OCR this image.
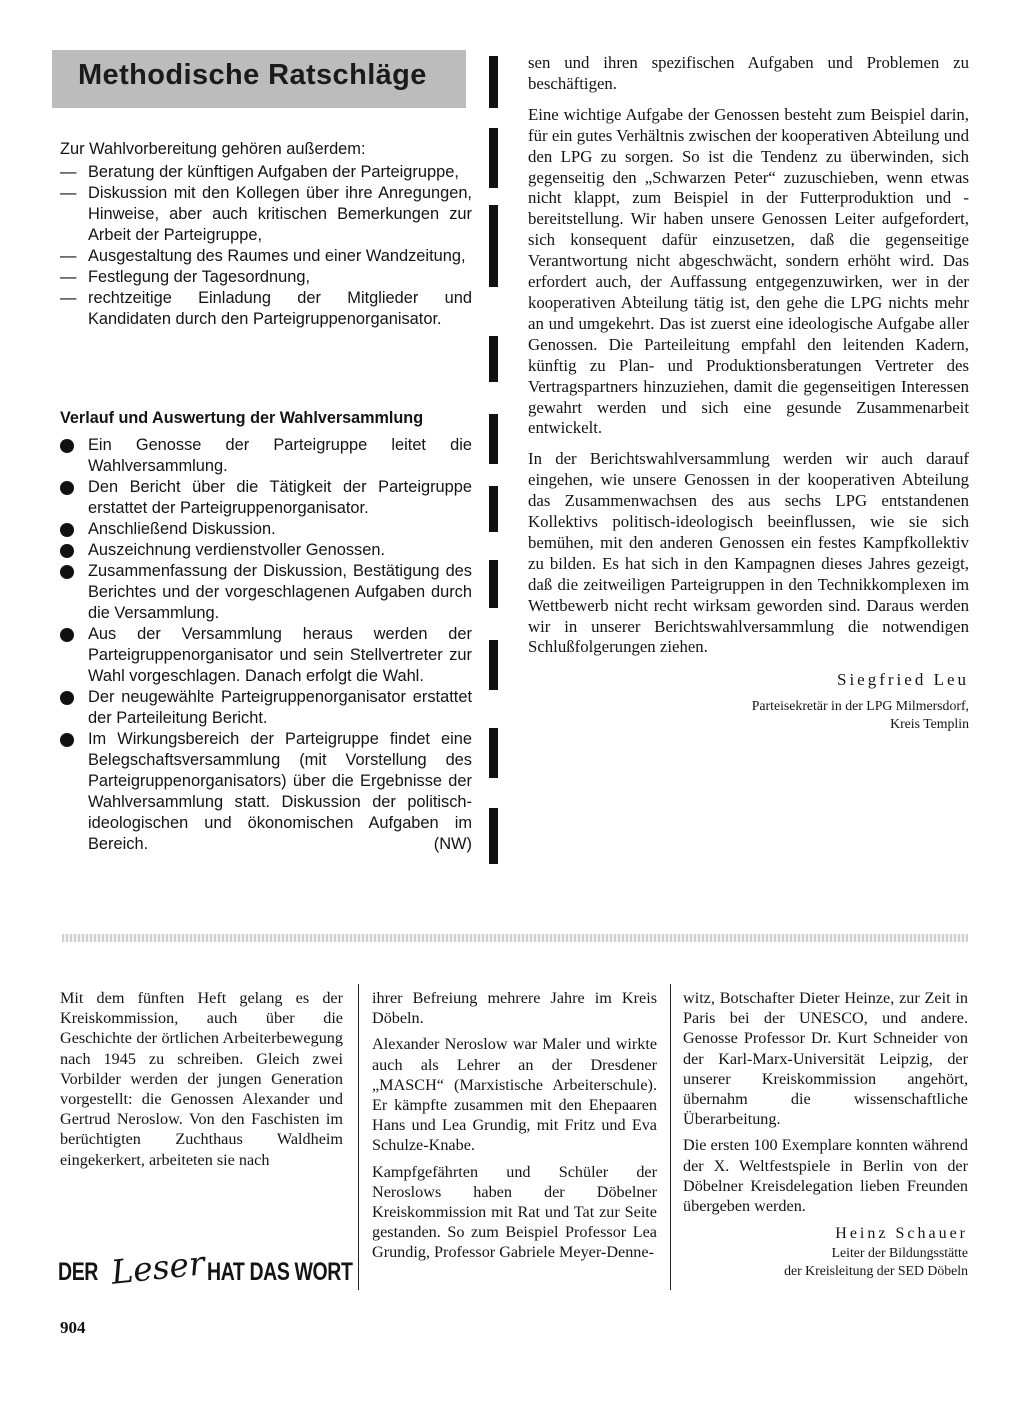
Methodische Ratschläge
Zur Wahlvorbereitung gehören außerdem:
— Beratung der künftigen Aufgaben der Parteigruppe,
— Diskussion mit den Kollegen über ihre Anregungen, Hinweise, aber auch kritischen Bemerkungen zur Arbeit der Parteigruppe,
— Ausgestaltung des Raumes und einer Wandzeitung,
— Festlegung der Tagesordnung,
— rechtzeitige Einladung der Mitglieder und Kandidaten durch den Parteigruppenorganisator.
Verlauf und Auswertung der Wahlversammlung
Ein Genosse der Parteigruppe leitet die Wahlversammlung.
Den Bericht über die Tätigkeit der Parteigruppe erstattet der Parteigruppenorganisator.
Anschließend Diskussion.
Auszeichnung verdienstvoller Genossen.
Zusammenfassung der Diskussion, Bestätigung des Berichtes und der vorgeschlagenen Aufgaben durch die Versammlung.
Aus der Versammlung heraus werden der Parteigruppenorganisator und sein Stellvertreter zur Wahl vorgeschlagen. Danach erfolgt die Wahl.
Der neugewählte Parteigruppenorganisator erstattet der Parteileitung Bericht.
Im Wirkungsbereich der Parteigruppe findet eine Belegschaftsversammlung (mit Vorstellung des Parteigruppenorganisators) über die Ergebnisse der Wahlversammlung statt. Diskussion der politisch-ideologischen und ökonomischen Aufgaben im Bereich.	(NW)

sen und ihren spezifischen Aufgaben und Problemen zu beschäftigen.

Eine wichtige Aufgabe der Genossen besteht zum Beispiel darin, für ein gutes Verhältnis zwischen der kooperativen Abteilung und den LPG zu sorgen. So ist die Tendenz zu überwinden, sich gegenseitig den „Schwarzen Peter“ zuzuschieben, wenn etwas nicht klappt, zum Beispiel in der Futterproduktion und -bereitstellung. Wir haben unsere Genossen Leiter aufgefordert, sich konsequent dafür einzusetzen, daß die gegenseitige Verantwortung nicht abgeschwächt, sondern erhöht wird. Das erfordert auch, der Auffassung entgegenzuwirken, wer in der kooperativen Abteilung tätig ist, den gehe die LPG nichts mehr an und umgekehrt. Das ist zuerst eine ideologische Aufgabe aller Genossen. Die Parteileitung empfahl den leitenden Kadern, künftig zu Plan- und Produktionsberatungen Vertreter des Vertragspartners hinzuziehen, damit die gegenseitigen Interessen gewahrt werden und sich eine gesunde Zusammenarbeit entwickelt.

In der Berichtswahlversammlung werden wir auch darauf eingehen, wie unsere Genossen in der kooperativen Abteilung das Zusammenwachsen des aus sechs LPG entstandenen Kollektivs politisch-ideologisch beeinflussen, wie sie sich bemühen, mit den anderen Genossen ein festes Kampfkollektiv zu bilden. Es hat sich in den Kampagnen dieses Jahres gezeigt, daß die zeitweiligen Parteigruppen in den Technikkomplexen im Wettbewerb nicht recht wirksam geworden sind. Daraus werden wir in unserer Berichtswahlversammlung die notwendigen Schlußfolgerungen ziehen.

Siegfried Leu
Parteisekretär in der LPG Milmersdorf,
Kreis Templin

Mit dem fünften Heft gelang es der Kreiskommission, auch über die Geschichte der örtlichen Arbeiterbewegung nach 1945 zu schreiben. Gleich zwei Vorbilder werden der jungen Generation vorgestellt: die Genossen Alexander und Gertrud Neroslow. Von den Faschisten im berüchtigten Zuchthaus Waldheim eingekerkert, arbeiteten sie nach

ihrer Befreiung mehrere Jahre im Kreis Döbeln.

Alexander Neroslow war Maler und wirkte auch als Lehrer an der Dresdener „MASCH“ (Marxistische Arbeiterschule). Er kämpfte zusammen mit den Ehepaaren Hans und Lea Grundig, mit Fritz und Eva Schulze-Knabe.

Kampfgefährten und Schüler der Neroslows haben der Döbelner Kreiskommission mit Rat und Tat zur Seite gestanden. So zum Beispiel Professor Lea Grundig, Professor Gabriele Meyer-Denne-

witz, Botschafter Dieter Heinze, zur Zeit in Paris bei der UNESCO, und andere. Genosse Professor Dr. Kurt Schneider von der Karl-Marx-Universität Leipzig, der unserer Kreiskommission angehört, übernahm die wissenschaftliche Überarbeitung.

Die ersten 100 Exemplare konnten während der X. Weltfestspiele in Berlin von der Döbelner Kreisdelegation lieben Freunden übergeben werden.

Heinz Schauer
Leiter der Bildungsstätte
der Kreisleitung der SED Döbeln
DER Leser HAT DAS WORT
904
